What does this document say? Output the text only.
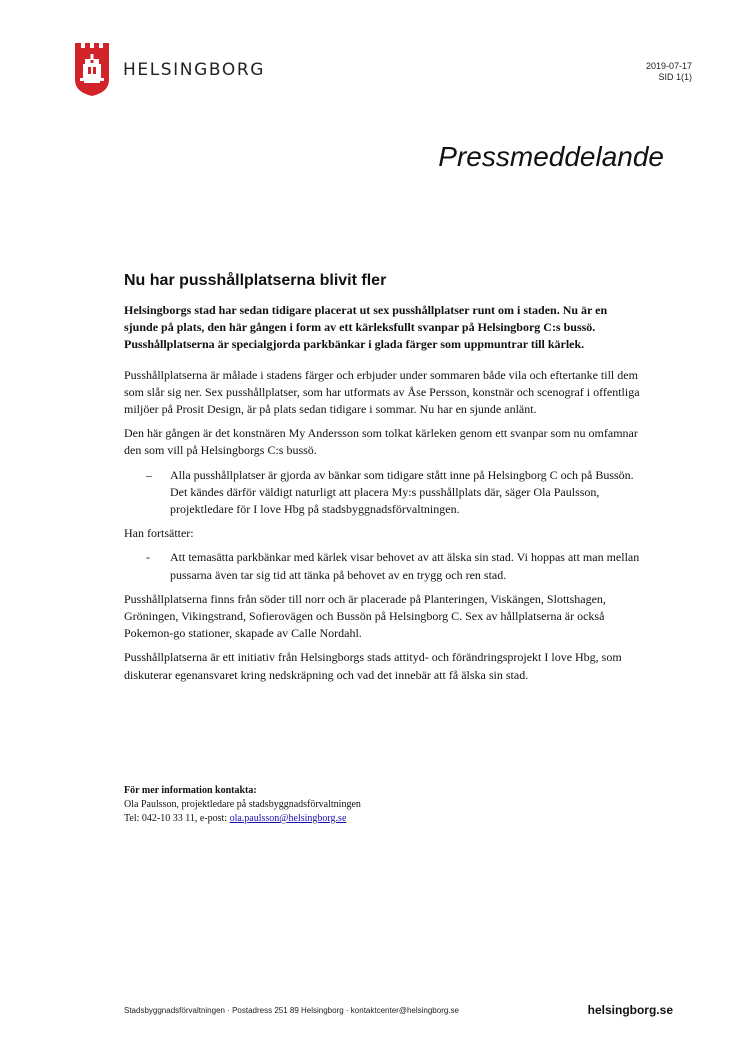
HELSINGBORG	2019-07-17
SID 1(1)
Pressmeddelande
Nu har pusshållplatserna blivit fler

Helsingborgs stad har sedan tidigare placerat ut sex pusshållplatser runt om i staden. Nu är en sjunde på plats, den här gången i form av ett kärleksfullt svanpar på Helsingborg C:s bussö. Pusshållplatserna är specialgjorda parkbänkar i glada färger som uppmuntrar till kärlek.

Pusshållplatserna är målade i stadens färger och erbjuder under sommaren både vila och eftertanke till dem som slår sig ner. Sex pusshållplatser, som har utformats av Åse Persson, konstnär och scenograf i offentliga miljöer på Prosit Design, är på plats sedan tidigare i sommar. Nu har en sjunde anlänt.

Den här gången är det konstnären My Andersson som tolkat kärleken genom ett svanpar som nu omfamnar den som vill på Helsingborgs C:s bussö.

– Alla pusshållplatser är gjorda av bänkar som tidigare stått inne på Helsingborg C och på Bussön. Det kändes därför väldigt naturligt att placera My:s pusshållplats där, säger Ola Paulsson, projektledare för I love Hbg på stadsbyggnadsförvaltningen.

Han fortsätter:

- Att temasätta parkbänkar med kärlek visar behovet av att älska sin stad. Vi hoppas att man mellan pussarna även tar sig tid att tänka på behovet av en trygg och ren stad.

Pusshållplatserna finns från söder till norr och är placerade på Planteringen, Viskängen, Slottshagen, Gröningen, Vikingstrand, Sofierovägen och Bussön på Helsingborg C. Sex av hållplatserna är också Pokemon-go stationer, skapade av Calle Nordahl.

Pusshållplatserna är ett initiativ från Helsingborgs stads attityd- och förändringsprojekt I love Hbg, som diskuterar egenansvaret kring nedskräpning och vad det innebär att få älska sin stad.

För mer information kontakta:
Ola Paulsson, projektledare på stadsbyggnadsförvaltningen
Tel: 042-10 33 11, e-post: ola.paulsson@helsingborg.se
Stadsbyggnadsförvaltningen · Postadress 251 89 Helsingborg · kontaktcenter@helsingborg.se	helsingborg.se
